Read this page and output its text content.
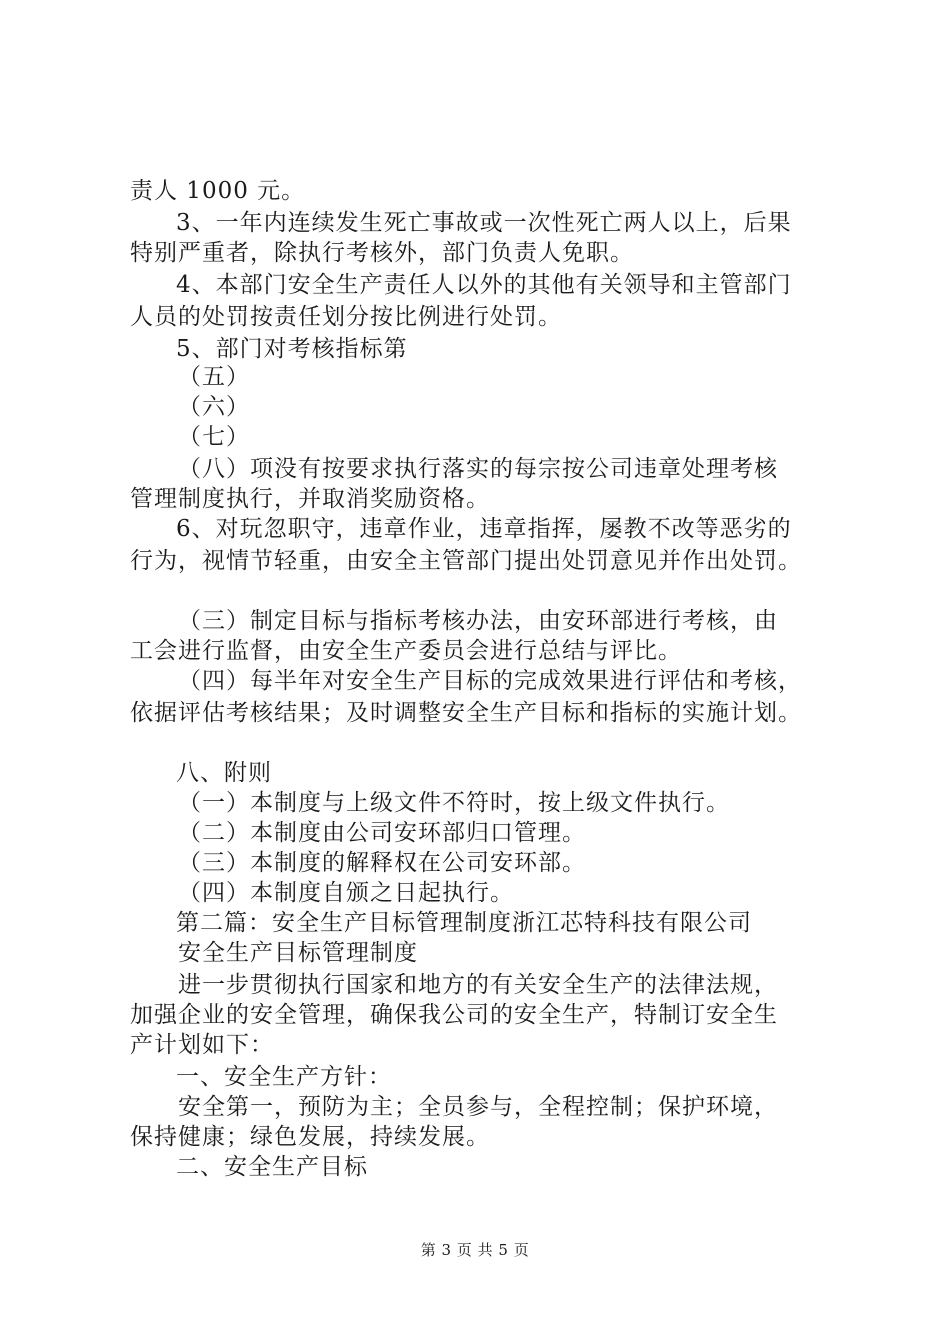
责人 1000 元。
3、一年内连续发生死亡事故或一次性死亡两人以上，后果
特别严重者，除执行考核外，部门负责人免职。
4、本部门安全生产责任人以外的其他有关领导和主管部门
人员的处罚按责任划分按比例进行处罚。
5、部门对考核指标第
（五）
（六）
（七）
（八）项没有按要求执行落实的每宗按公司违章处理考核
管理制度执行，并取消奖励资格。
6、对玩忽职守，违章作业，违章指挥，屡教不改等恶劣的
行为，视情节轻重，由安全主管部门提出处罚意见并作出处罚。
（三）制定目标与指标考核办法，由安环部进行考核，由
工会进行监督，由安全生产委员会进行总结与评比。
（四）每半年对安全生产目标的完成效果进行评估和考核，
依据评估考核结果；及时调整安全生产目标和指标的实施计划。
八、附则
（一）本制度与上级文件不符时，按上级文件执行。
（二）本制度由公司安环部归口管理。
（三）本制度的解释权在公司安环部。
（四）本制度自颁之日起执行。
第二篇：安全生产目标管理制度浙江芯特科技有限公司
安全生产目标管理制度
进一步贯彻执行国家和地方的有关安全生产的法律法规，
加强企业的安全管理，确保我公司的安全生产，特制订安全生
产计划如下：
一、安全生产方针：
安全第一，预防为主；全员参与，全程控制；保护环境，
保持健康；绿色发展，持续发展。
二、安全生产目标
第 3 页 共 5 页
